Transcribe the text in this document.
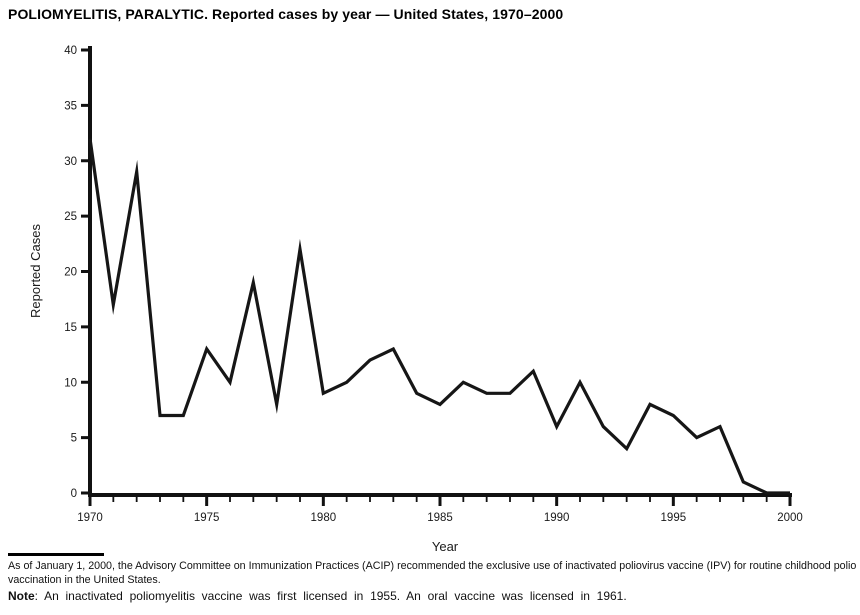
POLIOMYELITIS, PARALYTIC. Reported cases by year — United States, 1970–2000
0
5
10
15
20
25
30
35
40
Reported Cases
1970	1975	1980	1985	1990	1995	2000
Year
As of January 1, 2000, the Advisory Committee on Immunization Practices (ACIP) recommended the exclusive use of inactivated poliovirus vaccine (IPV) for routine childhood polio vaccination in the United States.
Note: An inactivated poliomyelitis vaccine was first licensed in 1955. An oral vaccine was licensed in 1961.
